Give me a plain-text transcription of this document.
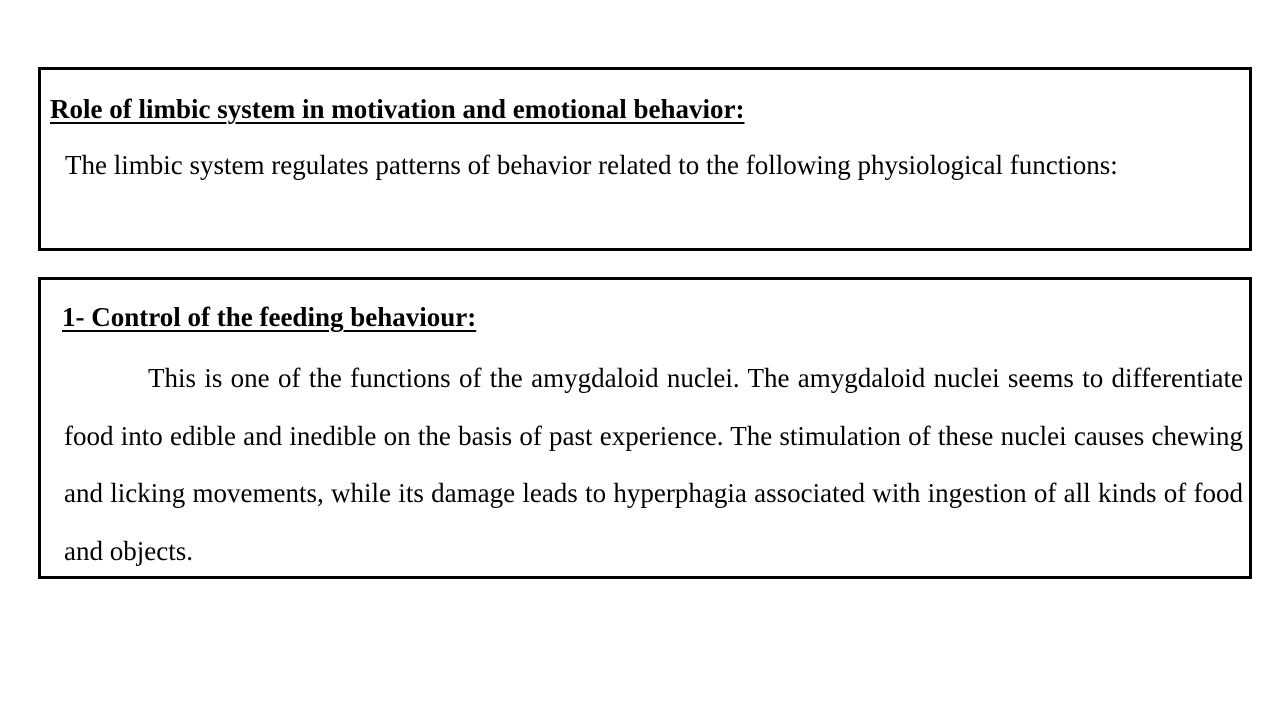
Role of limbic system in motivation and emotional behavior:

The limbic system regulates patterns of behavior related to the following physiological functions:

1- Control of the feeding behaviour:

This is one of the functions of the amygdaloid nuclei. The amygdaloid nuclei seems to differentiate food into edible and inedible on the basis of past experience. The stimulation of these nuclei causes chewing and licking movements, while its damage leads to hyperphagia associated with ingestion of all kinds of food and objects.
